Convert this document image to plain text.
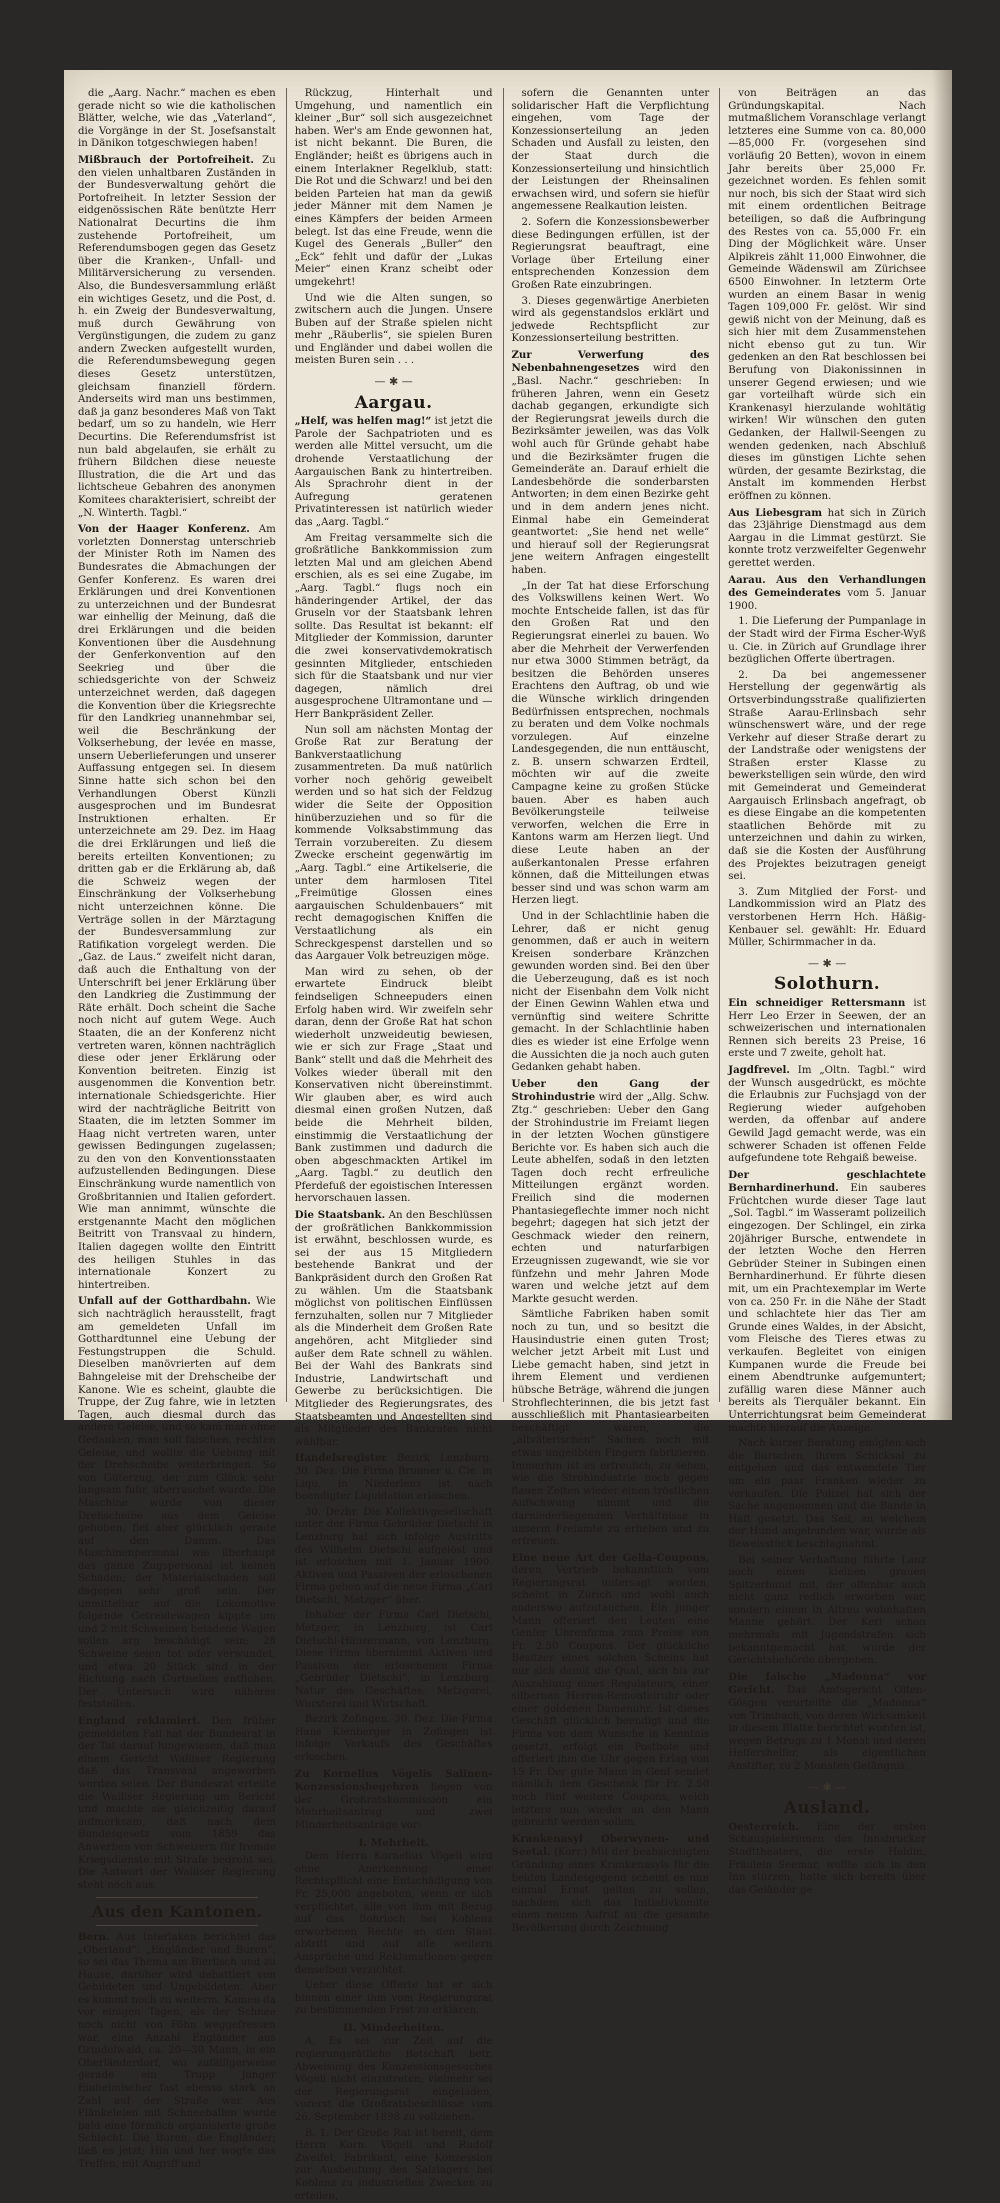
die „Aarg. Nachr.“ machen es eben gerade nicht so wie die katholischen Blätter, welche, wie das „Vaterland“, die Vorgänge in der St. Josefsanstalt in Dänikon totgeschwiegen haben!

Mißbrauch der Portofreiheit. Zu den vielen unhaltbaren Zuständen in der Bundesverwaltung gehört die Portofreiheit. In letzter Session der eidgenössischen Räte benützte Herr Nationalrat Decurtins die ihm zustehende Portofreiheit, um Referendumsbogen gegen das Gesetz über die Kranken-, Unfall- und Militärversicherung zu versenden. Also, die Bundesversammlung erläßt ein wichtiges Gesetz, und die Post, d. h. ein Zweig der Bundesverwaltung, muß durch Gewährung von Vergünstigungen, die zudem zu ganz andern Zwecken aufgestellt wurden, die Referendumsbewegung gegen dieses Gesetz unterstützen, gleichsam finanziell fördern. Anderseits wird man uns bestimmen, daß ja ganz besonderes Maß von Takt bedarf, um so zu handeln, wie Herr Decurtins. Die Referendumsfrist ist nun bald abgelaufen, sie erhält zu frühern Bildchen diese neueste Illustration, die die Art und das lichtscheue Gebahren des anonymen Komitees charakterisiert, schreibt der „N. Winterth. Tagbl.“

Von der Haager Konferenz. Am vorletzten Donnerstag unterschrieb der Minister Roth im Namen des Bundesrates die Abmachungen der Genfer Konferenz. Es waren drei Erklärungen und drei Konventionen zu unterzeichnen und der Bundesrat war einhellig der Meinung, daß die drei Erklärungen und die beiden Konventionen über die Ausdehnung der Genferkonvention auf den Seekrieg und über die schiedsgerichte von der Schweiz unterzeichnet werden, daß dagegen die Konvention über die Kriegsrechte für den Landkrieg unannehmbar sei, weil die Beschränkung der Volkserhebung, der levée en masse, unsern Ueberlieferungen und unserer Auffassung entgegen sei. In diesem Sinne hatte sich schon bei den Verhandlungen Oberst Künzli ausgesprochen und im Bundesrat Instruktionen erhalten. Er unterzeichnete am 29. Dez. im Haag die drei Erklärungen und ließ die bereits erteilten Konventionen; zu dritten gab er die Erklärung ab, daß die Schweiz wegen der Einschränkung der Volkserhebung nicht unterzeichnen könne. Die Verträge sollen in der Märztagung der Bundesversammlung zur Ratifikation vorgelegt werden. Die „Gaz. de Laus.“ zweifelt nicht daran, daß auch die Enthaltung von der Unterschrift bei jener Erklärung über den Landkrieg die Zustimmung der Räte erhält. Doch scheint die Sache noch nicht auf gutem Wege. Auch Staaten, die an der Konferenz nicht vertreten waren, können nachträglich diese oder jener Erklärung oder Konvention beitreten. Einzig ist ausgenommen die Konvention betr. internationale Schiedsgerichte. Hier wird der nachträgliche Beitritt von Staaten, die im letzten Sommer im Haag nicht vertreten waren, unter gewissen Bedingungen zugelassen; zu den von den Konventionsstaaten aufzustellenden Bedingungen. Diese Einschränkung wurde namentlich von Großbritannien und Italien gefordert. Wie man annimmt, wünschte die erstgenannte Macht den möglichen Beitritt von Transvaal zu hindern, Italien dagegen wollte den Eintritt des heiligen Stuhles in das internationale Konzert zu hintertreiben.

Unfall auf der Gotthardbahn. Wie sich nachträglich herausstellt, fragt am gemeldeten Unfall im Gotthardtunnel eine Uebung der Festungstruppen die Schuld. Dieselben manövrierten auf dem Bahngeleise mit der Drehscheibe der Kanone. Wie es scheint, glaubte die Truppe, der Zug fahre, wie in letzten Tagen, auch diesmal durch das andere Geleise, und so kam man ohne Gedanken, man soll falschen, rechten Geleise, und wollte die Uebung mit der Drehscheibe weiterbringen. So von Güterzug, der zum Glück sehr langsam fuhr, überraschet wurde. Die Maschine wurde von dieser Drehscheibe aus dem Geleise gehoben, fiel aber glücklich gerade auf den Damm. Das Maschinenpersonal wie überhaupt das ganze Zugspersonal ist keinen Schaden; der Materialschaden soll dagegen sehr groß sein. Der unmittelbar auf die Lokomotive folgende Getreidewagen kippte um und 2 mit Schweinen beladene Wagen sollen arg beschädigt sein; 28 Schweine seien tot oder verwundet, und etwa 20 Stück sind in der Richtung nach Gurtnellen entflohen. Der Untersuch wird näheres feststellen.

England reklamiert. Den früher gemeldeten Fall hat der Bundesrat in der Tat darauf hingewiesen, daß man einem Gericht Walliser Regierung daß das Transvaal angeworben worden seien. Der Bundesrat erteilte die Walliser Regierung um Bericht und machte sie gleichzeitig darauf aufmerksam, daß nach dem Bundesgesetz vom 1859 das Anwerben von Schweizern für fremde Kriegsdienste mit Strafe bedroht sei. Die Antwort der Walliser Regierung steht noch aus.

Aus den Kantonen.

Bern. Aus Interlaken berichtet das „Oberland“: „Engländer und Buren“, so sei das Thema am Bierlisch und zu Hause, darüber wird debattiert von Gebildeten und Ungebildeten. Aber es kommt noch zu weiterm. Kamen da vor einigen Tagen, als der Schnee noch nicht von Föhn weggefressen war, eine Anzahl Engländer aus Grindelwald, ca. 20—30 Mann, in ein Oberländerdorf, wo zufälligerweise gerade ein Trupp junger Einheimischer fast ebenso stark an Zahl auf der Straße war. Aus Plänkeleien mit Schneeballen wurde bald eine förmlich organisierte große Schlacht. Die Buren, die Engländer; ließ es jetzt; Hin und her wogte das Treffen, mit Angriff und

Rückzug, Hinterhalt und Umgehung, und namentlich ein kleiner „Bur“ soll sich ausgezeichnet haben. Wer's am Ende gewonnen hat, ist nicht bekannt. Die Buren, die Engländer; heißt es übrigens auch in einem Interlakner Regelklub, statt: Die Rot und die Schwarz! und bei den beiden Parteien hat man da gewiß jeder Männer mit dem Namen je eines Kämpfers der beiden Armeen belegt. Ist das eine Freude, wenn die Kugel des Generals „Buller“ den „Eck“ fehlt und dafür der „Lukas Meier“ einen Kranz scheibt oder umgekehrt!

Und wie die Alten sungen, so zwitschern auch die Jungen. Unsere Buben auf der Straße spielen nicht mehr „Räuberlis“, sie spielen Buren und Engländer und dabei wollen die meisten Buren sein . . .

— ✱ —
Aargau.

„Helf, was helfen mag!“ ist jetzt die Parole der Sachpatrioten und es werden alle Mittel versucht, um die drohende Verstaatlichung der Aargauischen Bank zu hintertreiben. Als Sprachrohr dient in der Aufregung geratenen Privatinteressen ist natürlich wieder das „Aarg. Tagbl.“

Am Freitag versammelte sich die großrätliche Bankkommission zum letzten Mal und am gleichen Abend erschien, als es sei eine Zugabe, im „Aarg. Tagbl.“ flugs noch ein händeringender Artikel, der das Gruseln vor der Staatsbank lehren sollte. Das Resultat ist bekannt: elf Mitglieder der Kommission, darunter die zwei konservativdemokratisch gesinnten Mitglieder, entschieden sich für die Staatsbank und nur vier dagegen, nämlich drei ausgesprochene Ultramontane und — Herr Bankpräsident Zeller.

Nun soll am nächsten Montag der Große Rat zur Beratung der Bankverstaatlichung zusammentreten. Da muß natürlich vorher noch gehörig geweibelt werden und so hat sich der Feldzug wider die Seite der Opposition hinüberzuziehen und so für die kommende Volksabstimmung das Terrain vorzubereiten. Zu diesem Zwecke erscheint gegenwärtig im „Aarg. Tagbl.“ eine Artikelserie, die unter dem harmlosen Titel „Freimütige Glossen eines aargauischen Schuldenbauers“ mit recht demagogischen Kniffen die Verstaatlichung als ein Schreckgespenst darstellen und so das Aargauer Volk betreuzigen möge.

Man wird zu sehen, ob der erwartete Eindruck bleibt feindseligen Schneepuders einen Erfolg haben wird. Wir zweifeln sehr daran, denn der Große Rat hat schon wiederholt unzweideutig bewiesen, wie er sich zur Frage „Staat und Bank“ stellt und daß die Mehrheit des Volkes wieder überall mit den Konservativen nicht übereinstimmt. Wir glauben aber, es wird auch diesmal einen großen Nutzen, daß beide die Mehrheit bilden, einstimmig die Verstaatlichung der Bank zustimmen und dadurch die oben abgeschmackten Artikel im „Aarg. Tagbl.“ zu deutlich den Pferdefuß der egoistischen Interessen hervorschauen lassen.

Die Staatsbank. An den Beschlüssen der großrätlichen Bankkommission ist erwähnt, beschlossen wurde, es sei der aus 15 Mitgliedern bestehende Bankrat und der Bankpräsident durch den Großen Rat zu wählen. Um die Staatsbank möglichst von politischen Einflüssen fernzuhalten, sollen nur 7 Mitglieder als die Minderheit dem Großen Rate angehören, acht Mitglieder sind außer dem Rate schnell zu wählen. Bei der Wahl des Bankrats sind Industrie, Landwirtschaft und Gewerbe zu berücksichtigen. Die Mitglieder des Regierungsrates, des Staatsbeamten und Angestellten sind als Mitglieder des Bankrates nicht wählbar.

Handelsregister Bezirk Lenzburg. 30. Dez. Die Firma Brunner u. Cie. in Liqu. in Niederlenz ist nach beendigter Liquidation erloschen.

30. Dezbr. Die Kollektivgesellschaft unter der Firma Gebrüder Dietschi in Lenzburg hat sich infolge Austritts des Wilhelm Dietschi aufgelöst und ist erloschen mit 1. Januar 1900. Aktiven und Passiven der erloschenen Firma gehen auf die neue Firma „Carl Dietschi, Metzger“ über.

Inhaber der Firma Carl Dietschi, Metzger, in Lenzburg, ist Carl Dietschi-Häusermann, von Lenzburg. Diese Firma übernimmt Aktiven und Passiven der erloschenen Firma „Gebrüder Dietschi“, in Lenzburg. Natur des Geschäftes: Metzgerei, Wursterei und Wirtschaft.

Bezirk Zofingen. 30. Dez. Die Firma Hans Kienberger in Zofingen ist infolge Verkaufs des Geschäftes erloschen.

Zu Kornelius Vögelis Salinen-Konzessionsbegehren liegen von der Großratskommission ein Mehrheitsantrag und zwei Minderheitsanträge vor:

I. Mehrheit.

Dem Herrn Kornelius Vögeli wird ohne Anerkennung einer Rechtspflicht eine Entschädigung von Fr. 25,000 angeboten, wenn er sich verpflichtet, alle von ihm mit Bezug auf das Bohrloch bei Koblenz erworbenen Rechte an den Staat abtritt und auf alle weitern Ansprüche und Reklamationen gegen denselben verzichtet.

Ueber diese Offerte hat er sich binnen einer ihm vom Regierungsrat zu bestimmenden Frist zu erklären.

II. Minderheiten.

A. Es sei zur Zeit auf die regierungsrätliche Botschaft betr. Abweisung des Konzessionsgesuches Vögeli nicht einzutreten; vielmehr sei der Regierungsrat eingeladen, vorerst die Großratsbeschlüsse vom 26. September 1898 zu vollziehen.

B. 1. Der Große Rat ist bereit, dem Herrn Korn. Vögeli und Rudolf Zweifel, Fabrikant, eine Konzession zur Ausbeutung des Salzlagers bei Koblenz zu industriellen Zwecken zu erteilen,

sofern die Genannten unter solidarischer Haft die Verpflichtung eingehen, vom Tage der Konzessionserteilung an jeden Schaden und Ausfall zu leisten, den der Staat durch die Konzessionserteilung und hinsichtlich der Leistungen der Rheinsalinen erwachsen wird, und sofern sie hiefür angemessene Realkaution leisten.

2. Sofern die Konzessionsbewerber diese Bedingungen erfüllen, ist der Regierungsrat beauftragt, eine Vorlage über Erteilung einer entsprechenden Konzession dem Großen Rate einzubringen.

3. Dieses gegenwärtige Anerbieten wird als gegenstandslos erklärt und jedwede Rechtspflicht zur Konzessionserteilung bestritten.

Zur Verwerfung des Nebenbahnengesetzes wird den „Basl. Nachr.“ geschrieben: In früheren Jahren, wenn ein Gesetz dachab gegangen, erkundigte sich der Regierungsrat jeweils durch die Bezirksämter jeweilen, was das Volk wohl auch für Gründe gehabt habe und die Bezirksämter frugen die Gemeinderäte an. Darauf erhielt die Landesbehörde die sonderbarsten Antworten; in dem einen Bezirke geht und in dem andern jenes nicht. Einmal habe ein Gemeinderat geantwortet: „Sie hend net welle“ und hierauf soll der Regierungsrat jene weitern Anfragen eingestellt haben.

„In der Tat hat diese Erforschung des Volkswillens keinen Wert. Wo mochte Entscheide fallen, ist das für den Großen Rat und den Regierungsrat einerlei zu bauen. Wo aber die Mehrheit der Verwerfenden nur etwa 3000 Stimmen beträgt, da besitzen die Behörden unseres Erachtens den Auftrag, ob und wie die Wünsche wirklich dringenden Bedürfnissen entsprechen, nochmals zu beraten und dem Volke nochmals vorzulegen. Auf einzelne Landesgegenden, die nun enttäuscht, z. B. unsern schwarzen Erdteil, möchten wir auf die zweite Campagne keine zu großen Stücke bauen. Aber es haben auch Bevölkerungsteile teilweise verworfen, welchen die Erre in Kantons warm am Herzen liegt. Und diese Leute haben an der außerkantonalen Presse erfahren können, daß die Mitteilungen etwas besser sind und was schon warm am Herzen liegt.

Und in der Schlachtlinie haben die Lehrer, daß er nicht genug genommen, daß er auch in weitern Kreisen sonderbare Kränzchen gewunden worden sind. Bei den über die Ueberzeugung, daß es ist noch nicht der Eisenbahn dem Volk nicht der Einen Gewinn Wahlen etwa und vernünftig sind weitere Schritte gemacht. In der Schlachtlinie haben dies es wieder ist eine Erfolge wenn die Aussichten die ja noch auch guten Gedanken gehabt haben.

Ueber den Gang der Strohindustrie wird der „Allg. Schw. Ztg.“ geschrieben: Ueber den Gang der Strohindustrie im Freiamt liegen in der letzten Wochen günstigere Berichte vor. Es haben sich auch die Leute abhelfen, sodaß in den letzten Tagen doch recht erfreuliche Mitteilungen ergänzt worden. Freilich sind die modernen Phantasiegeflechte immer noch nicht begehrt; dagegen hat sich jetzt der Geschmack wieder den reinern, echten und naturfarbigen Erzeugnissen zugewandt, wie sie vor fünfzehn und mehr Jahren Mode waren und welche jetzt auf dem Markte gesucht werden.

Sämtliche Fabriken haben somit noch zu tun, und so besitzt die Hausindustrie einen guten Trost; welcher jetzt Arbeit mit Lust und Liebe gemacht haben, sind jetzt in ihrem Element und verdienen hübsche Beträge, während die jungen Strohflechterinnen, die bis jetzt fast ausschließlich mit Phantasiearbeiten beschäftigt waren, die „altväterischen“ Sachen noch mit etwas ungeübten Fingern fabrizieren. Immerhin ist es erfreulich, zu sehen, wie die Strohindustrie noch gegen flauen Zeiten wieder einen tröstlichen Aufschwung nimmt und die darniederliegenden Verhältnisse in unserm Freiamte zu erheben und zu erfreuen.

Eine neue Art der Gella-Coupons, deren Vertrieb bekanntlich vom Regierungsrat untersagt worden, scheint in Zürich und wohl auch anderswo aufzutauchen. Ein junger Mann offeriert den Leuten eine Genfer Uhrenfirma zum Preise von Fr. 2.50 Coupons. Der glückliche Besitzer eines solchen Scheins hat nur sich damit die Qual, sich bis zur Auszahlung eines Regulateurs, einer silbernen Herren-Remontoiruhr oder einer goldenen Damenuhr. Ist dieses Geschäft glücklich beendigt und die Firma von dem Wunsche in Kenntnis gesetzt, erfolgt ein Postbote und offeriert ihm die Uhr gegen Erlag von 15 Fr. Der gute Mann in Genf sendet nämlich dem Geschenk für Fr. 2.50 noch fünf weitere Coupons, welch letztere nun wieder an den Mann gebracht werden sollen.

Krankenasyl Oberwynen- und Seetal. (Korr.) Mit der beabsichtigten Gründung eines Krankenasyls für die beiden Landesgegend scheint es nun einmal Ernst gelten zu sollen, nachdem sich das Initiativkomite einen neuen Aufruf an die gesamte Bevölkerung durch Zeichnung

von Beiträgen an das Gründungskapital. Nach mutmaßlichem Voranschlage verlangt letzteres eine Summe von ca. 80,000—85,000 Fr. (vorgesehen sind vorläufig 20 Betten), wovon in einem Jahr bereits über 25,000 Fr. gezeichnet worden. Es fehlen somit nur noch, bis sich der Staat wird sich mit einem ordentlichen Beitrage beteiligen, so daß die Aufbringung des Restes von ca. 55,000 Fr. ein Ding der Möglichkeit wäre. Unser Alpikreis zählt 11,000 Einwohner, die Gemeinde Wädenswil am Zürichsee 6500 Einwohner. In letzterm Orte wurden an einem Basar in wenig Tagen 109,000 Fr. gelöst. Wir sind gewiß nicht von der Meinung, daß es sich hier mit dem Zusammenstehen nicht ebenso gut zu tun. Wir gedenken an den Rat beschlossen bei Berufung von Diakonissinnen in unserer Gegend erwiesen; und wie gar vorteilhaft würde sich ein Krankenasyl hierzulande wohltätig wirken! Wir wünschen den guten Gedanken, der Hallwil-Seengen zu wenden gedenken, nach Abschluß dieses im günstigen Lichte sehen würden, der gesamte Bezirkstag, die Anstalt im kommenden Herbst eröffnen zu können.

Aus Liebesgram hat sich in Zürich das 23jährige Dienstmagd aus dem Aargau in die Limmat gestürzt. Sie konnte trotz verzweifelter Gegenwehr gerettet werden.

Aarau. Aus den Verhandlungen des Gemeinderates vom 5. Januar 1900.

1. Die Lieferung der Pumpanlage in der Stadt wird der Firma Escher-Wyß u. Cie. in Zürich auf Grundlage ihrer bezüglichen Offerte übertragen.

2. Da bei angemessener Herstellung der gegenwärtig als Ortsverbindungsstraße qualifizierten Straße Aarau-Erlinsbach sehr wünschenswert wäre, und der rege Verkehr auf dieser Straße derart zu der Landstraße oder wenigstens der Straßen erster Klasse zu bewerkstelligen sein würde, den wird mit Gemeinderat und Gemeinderat Aargauisch Erlinsbach angefragt, ob es diese Eingabe an die kompetenten staatlichen Behörde mit zu unterzeichnen und dahin zu wirken, daß sie die Kosten der Ausführung des Projektes beizutragen geneigt sei.

3. Zum Mitglied der Forst- und Landkommission wird an Platz des verstorbenen Herrn Hch. Häßig-Kenbauer sel. gewählt: Hr. Eduard Müller, Schirmmacher in da.

— ✱ —
Solothurn.

Ein schneidiger Rettersmann ist Herr Leo Erzer in Seewen, der an schweizerischen und internationalen Rennen sich bereits 23 Preise, 16 erste und 7 zweite, geholt hat.

Jagdfrevel. Im „Oltn. Tagbl.“ wird der Wunsch ausgedrückt, es möchte die Erlaubnis zur Fuchsjagd von der Regierung wieder aufgehoben werden, da offenbar auf andere Gewild Jagd gemacht werde, was ein schwerer Schaden ist offenen Felde aufgefundene tote Rehgaiß beweise.

Der geschlachtete Bernhardinerhund. Ein sauberes Früchtchen wurde dieser Tage laut „Sol. Tagbl.“ im Wasseramt polizeilich eingezogen. Der Schlingel, ein zirka 20jähriger Bursche, entwendete in der letzten Woche den Herren Gebrüder Steiner in Subingen einen Bernhardinerhund. Er führte diesen mit, um ein Prachtexemplar im Werte von ca. 250 Fr. in die Nähe der Stadt und schlachtete hier das Tier am Grunde eines Waldes, in der Absicht, vom Fleische des Tieres etwas zu verkaufen. Begleitet von einigen Kumpanen wurde die Freude bei einem Abendtrunke aufgemuntert; zufällig waren diese Männer auch bereits als Tierquäler bekannt. Ein Unterrichtungsrat beim Gemeinderat machte hierauf die Anzeige.

Nach kurzer Beratung einigten sich die Burschen, ihrem Schicksal zu entgehen und das entwendete Tier um ein paar Franken wieder zu verkaufen. Die Polizei hat sich der Sache angenommen und die Bande in Haft gesetzt. Das Seil, an welchem der Hund angebunden war, wurde als Beweisstück beschlagnahmt.

Bei seiner Verhaftung führte Lanz noch einen kleinen grauen Spitzerhund mit, der offenbar auch nicht ganz redlich erworben war, sondern einem in Altreu wohnhaften Manne gehört. Der Kerl schon mehrmals mit Jugendstrafen sich bekanntgemacht hat, wurde der Gerichtsbehörde übergeben.

Die falsche „Madonna“ vor Gericht. Das Amtsgericht Olten-Gösgen verurteilte die „Madonna“ von Trimbach, von deren Wirksamkeit in diesem Blatte berichtet worden ist, wegen Betrugs zu 1 Monat und deren Helfershelfer, als eigentlichen Anstifter, zu 2 Monaten Gefängnis.

— ✱ —
Ausland.

Oesterreich. Eine der ersten Schauspielerinnen des Innsbrucker Stadttheaters, die erste Heldin, Fräulein Seemar, wollte sich in den Inn stürzen, hatte sich bereits über das Geländer ge
